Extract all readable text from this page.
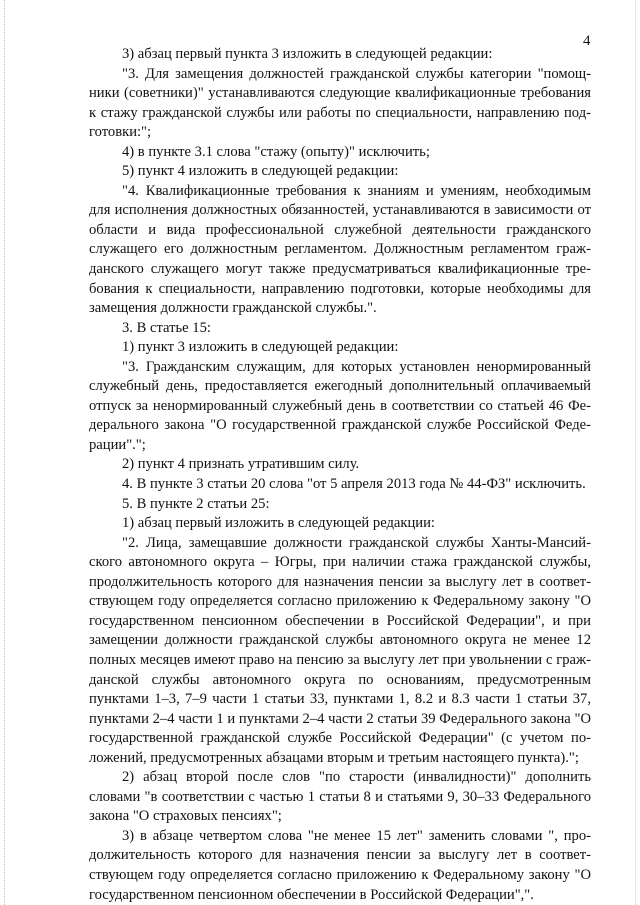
4

3) абзац первый пункта 3 изложить в следующей редакции:

"3. Для замещения должностей гражданской службы категории "помощники (советники)" устанавливаются следующие квалификационные требования к стажу гражданской службы или работы по специальности, направлению подготовки:";

4) в пункте 3.1 слова "стажу (опыту)" исключить;

5) пункт 4 изложить в следующей редакции:

"4. Квалификационные требования к знаниям и умениям, необходимым для исполнения должностных обязанностей, устанавливаются в зависимости от области и вида профессиональной служебной деятельности гражданского служащего его должностным регламентом. Должностным регламентом гражданского служащего могут также предусматриваться квалификационные требования к специальности, направлению подготовки, которые необходимы для замещения должности гражданской службы.".

3. В статье 15:

1) пункт 3 изложить в следующей редакции:

"3. Гражданским служащим, для которых установлен ненормированный служебный день, предоставляется ежегодный дополнительный оплачиваемый отпуск за ненормированный служебный день в соответствии со статьей 46 Федерального закона "О государственной гражданской службе Российской Федерации".";

2) пункт 4 признать утратившим силу.

4. В пункте 3 статьи 20 слова "от 5 апреля 2013 года № 44-ФЗ" исключить.

5. В пункте 2 статьи 25:

1) абзац первый изложить в следующей редакции:

"2. Лица, замещавшие должности гражданской службы Ханты-Мансийского автономного округа – Югры, при наличии стажа гражданской службы, продолжительность которого для назначения пенсии за выслугу лет в соответствующем году определяется согласно приложению к Федеральному закону "О государственном пенсионном обеспечении в Российской Федерации", и при замещении должности гражданской службы автономного округа не менее 12 полных месяцев имеют право на пенсию за выслугу лет при увольнении с гражданской службы автономного округа по основаниям, предусмотренным пунктами 1–3, 7–9 части 1 статьи 33, пунктами 1, 8.2 и 8.3 части 1 статьи 37, пунктами 2–4 части 1 и пунктами 2–4 части 2 статьи 39 Федерального закона "О государственной гражданской службе Российской Федерации" (с учетом положений, предусмотренных абзацами вторым и третьим настоящего пункта).";

2) абзац второй после слов "по старости (инвалидности)" дополнить словами "в соответствии с частью 1 статьи 8 и статьями 9, 30–33 Федерального закона "О страховых пенсиях";

3) в абзаце четвертом слова "не менее 15 лет" заменить словами ", продолжительность которого для назначения пенсии за выслугу лет в соответствующем году определяется согласно приложению к Федеральному закону "О государственном пенсионном обеспечении в Российской Федерации",".
